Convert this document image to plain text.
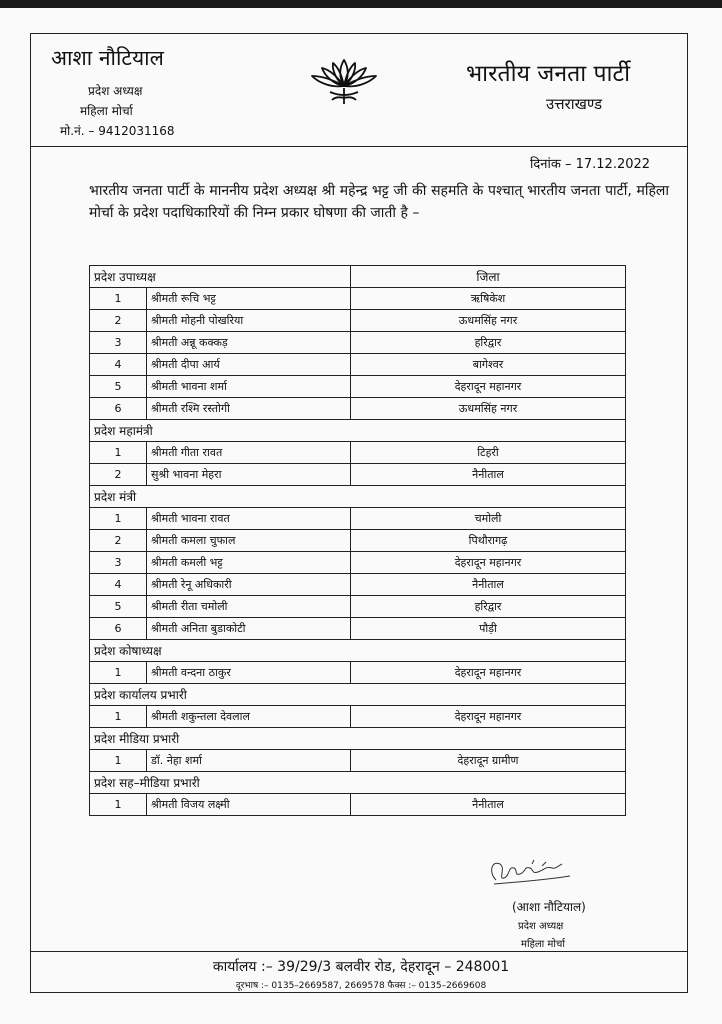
आशा नौटियाल
प्रदेश अध्यक्ष
महिला मोर्चा
मो.नं. – 9412031168
भारतीय जनता पार्टी
उत्तराखण्ड
दिनांक – 17.12.2022
भारतीय जनता पार्टी के माननीय प्रदेश अध्यक्ष श्री महेन्द्र भट्ट जी की सहमति के पश्चात् भारतीय जनता पार्टी, महिला मोर्चा के प्रदेश पदाधिकारियों की निम्न प्रकार घोषणा की जाती है –
प्रदेश उपाध्यक्ष		जिला
1	श्रीमती रूचि भट्ट	ऋषिकेश
2	श्रीमती मोहनी पोखरिया	ऊधमसिंह नगर
3	श्रीमती अन्नू कक्कड़	हरिद्वार
4	श्रीमती दीपा आर्य	बागेश्वर
5	श्रीमती भावना शर्मा	देहरादून महानगर
6	श्रीमती रश्मि रस्तोगी	ऊधमसिंह नगर
प्रदेश महामंत्री		
1	श्रीमती गीता रावत	टिहरी
2	सुश्री भावना मेहरा	नैनीताल
प्रदेश मंत्री		
1	श्रीमती भावना रावत	चमोली
2	श्रीमती कमला चुफाल	पिथौरागढ़
3	श्रीमती कमली भट्ट	देहरादून महानगर
4	श्रीमती रेनू अधिकारी	नैनीताल
5	श्रीमती रीता चमोली	हरिद्वार
6	श्रीमती अनिता बुडाकोटी	पौड़ी
प्रदेश कोषाध्यक्ष		
1	श्रीमती वन्दना ठाकुर	देहरादून महानगर
प्रदेश कार्यालय प्रभारी		
1	श्रीमती शकुन्तला देवलाल	देहरादून महानगर
प्रदेश मीडिया प्रभारी		
1	डॉ. नेहा शर्मा	देहरादून ग्रामीण
प्रदेश सह–मीडिया प्रभारी		
1	श्रीमती विजय लक्ष्मी	नैनीताल
(आशा नौटियाल)
प्रदेश अध्यक्ष
महिला मोर्चा
कार्यालय :– 39/29/3 बलवीर रोड, देहरादून – 248001
दूरभाष :– 0135–2669587, 2669578 फैक्स :– 0135–2669608
